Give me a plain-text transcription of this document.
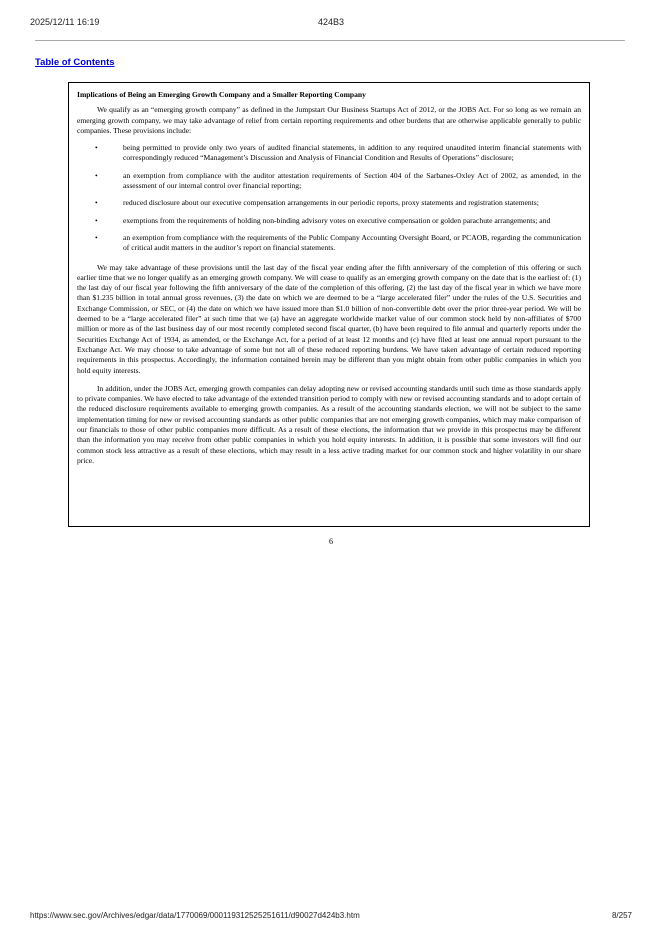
2025/12/11 16:19	424B3
Table of Contents
Implications of Being an Emerging Growth Company and a Smaller Reporting Company

We qualify as an “emerging growth company” as defined in the Jumpstart Our Business Startups Act of 2012, or the JOBS Act. For so long as we remain an emerging growth company, we may take advantage of relief from certain reporting requirements and other burdens that are otherwise applicable generally to public companies. These provisions include:

•	being permitted to provide only two years of audited financial statements, in addition to any required unaudited interim financial statements with correspondingly reduced “Management’s Discussion and Analysis of Financial Condition and Results of Operations” disclosure;
•	an exemption from compliance with the auditor attestation requirements of Section 404 of the Sarbanes-Oxley Act of 2002, as amended, in the assessment of our internal control over financial reporting;
•	reduced disclosure about our executive compensation arrangements in our periodic reports, proxy statements and registration statements;
•	exemptions from the requirements of holding non-binding advisory votes on executive compensation or golden parachute arrangements; and
•	an exemption from compliance with the requirements of the Public Company Accounting Oversight Board, or PCAOB, regarding the communication of critical audit matters in the auditor’s report on financial statements.

We may take advantage of these provisions until the last day of the fiscal year ending after the fifth anniversary of the completion of this offering or such earlier time that we no longer qualify as an emerging growth company. We will cease to qualify as an emerging growth company on the date that is the earliest of: (1) the last day of our fiscal year following the fifth anniversary of the date of the completion of this offering, (2) the last day of the fiscal year in which we have more than $1.235 billion in total annual gross revenues, (3) the date on which we are deemed to be a “large accelerated filer” under the rules of the U.S. Securities and Exchange Commission, or SEC, or (4) the date on which we have issued more than $1.0 billion of non-convertible debt over the prior three-year period. We will be deemed to be a “large accelerated filer” at such time that we (a) have an aggregate worldwide market value of our common stock held by non-affiliates of $700 million or more as of the last business day of our most recently completed second fiscal quarter, (b) have been required to file annual and quarterly reports under the Securities Exchange Act of 1934, as amended, or the Exchange Act, for a period of at least 12 months and (c) have filed at least one annual report pursuant to the Exchange Act. We may choose to take advantage of some but not all of these reduced reporting burdens. We have taken advantage of certain reduced reporting requirements in this prospectus. Accordingly, the information contained herein may be different than you might obtain from other public companies in which you hold equity interests.

In addition, under the JOBS Act, emerging growth companies can delay adopting new or revised accounting standards until such time as those standards apply to private companies. We have elected to take advantage of the extended transition period to comply with new or revised accounting standards and to adopt certain of the reduced disclosure requirements available to emerging growth companies. As a result of the accounting standards election, we will not be subject to the same implementation timing for new or revised accounting standards as other public companies that are not emerging growth companies, which may make comparison of our financials to those of other public companies more difficult. As a result of these elections, the information that we provide in this prospectus may be different than the information you may receive from other public companies in which you hold equity interests. In addition, it is possible that some investors will find our common stock less attractive as a result of these elections, which may result in a less active trading market for our common stock and higher volatility in our share price.

6
https://www.sec.gov/Archives/edgar/data/1770069/000119312525251611/d90027d424b3.htm	8/257
